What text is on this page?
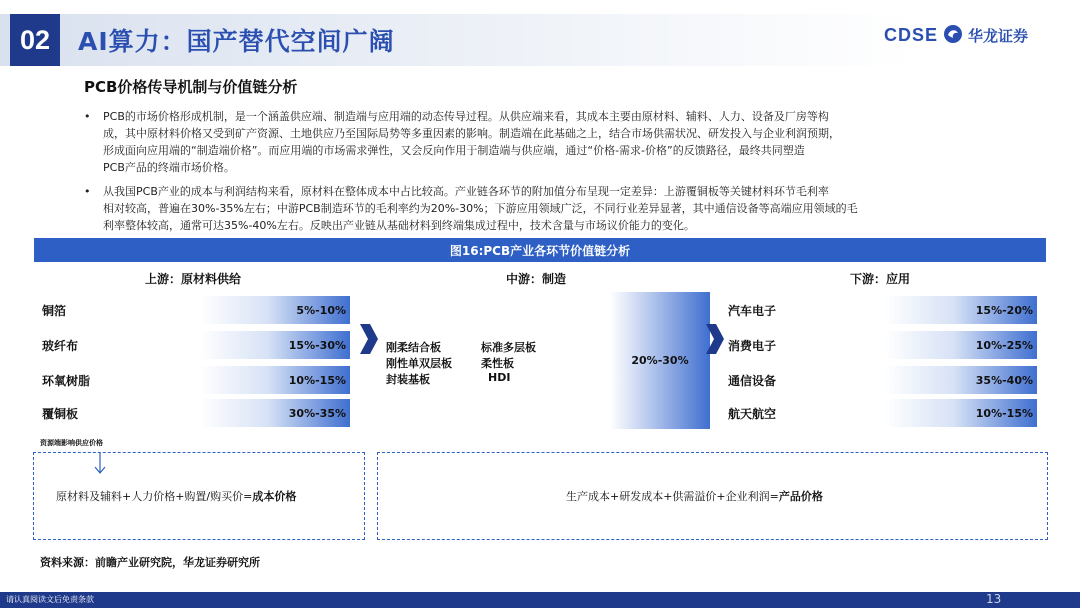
02	AI算力：国产替代空间广阔	CDSE 华龙证券
PCB价格传导机制与价值链分析
• PCB的市场价格形成机制，是一个涵盖供应端、制造端与应用端的动态传导过程。从供应端来看，其成本主要由原材料、辅料、人力、设备及厂房等构
成，其中原材料价格又受到矿产资源、土地供应乃至国际局势等多重因素的影响。制造端在此基础之上，结合市场供需状况、研发投入与企业利润预期，
形成面向应用端的“制造端价格”。而应用端的市场需求弹性，又会反向作用于制造端与供应端，通过“价格-需求-价格”的反馈路径，最终共同塑造
PCB产品的终端市场价格。
• 从我国PCB产业的成本与利润结构来看，原材料在整体成本中占比较高。产业链各环节的附加值分布呈现一定差异：上游覆铜板等关键材料环节毛利率
相对较高，普遍在30%-35%左右；中游PCB制造环节的毛利率约为20%-30%；下游应用领域广泛，不同行业差异显著，其中通信设备等高端应用领域的毛
利率整体较高，通常可达35%-40%左右。反映出产业链从基础材料到终端集成过程中，技术含量与市场议价能力的变化。
图16:PCB产业各环节价值链分析
上游：原材料供给	中游：制造	下游：应用
铜箔	5%-10%
玻纤布	15%-30%
环氧树脂	10%-15%
覆铜板	30%-35%
刚柔结合板	标准多层板
刚性单双层板	柔性板
封装基板	HDI
20%-30%
汽车电子	15%-20%
消费电子	10%-25%
通信设备	35%-40%
航天航空	10%-15%
资源端影响供应价格
原材料及辅料+人力价格+购置/购买价=成本价格	生产成本+研发成本+供需溢价+企业利润=产品价格
资料来源：前瞻产业研究院，华龙证券研究所
请认真阅读文后免责条款	13
